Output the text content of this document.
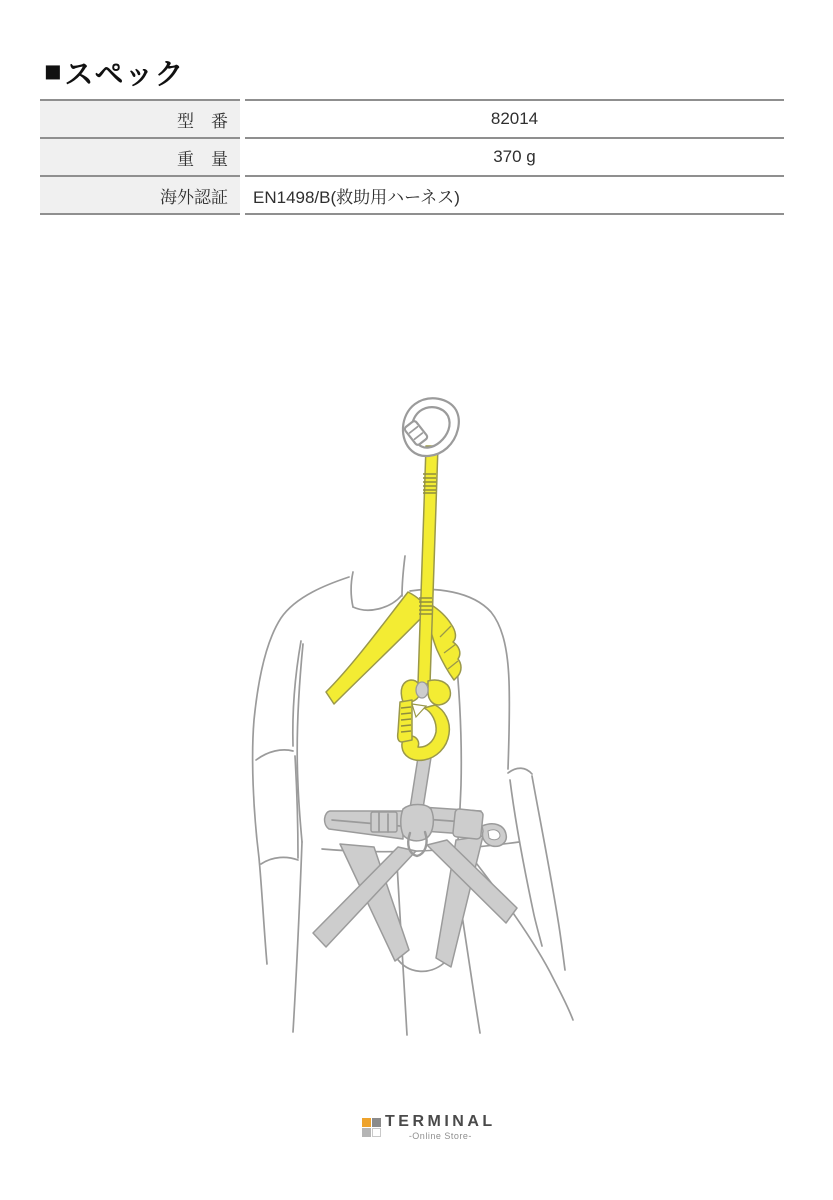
■ スペック
型　番	82014
重　量	370 g
海外認証	EN1498/B(救助用ハーネス)
TERMINAL
-Online Store-
